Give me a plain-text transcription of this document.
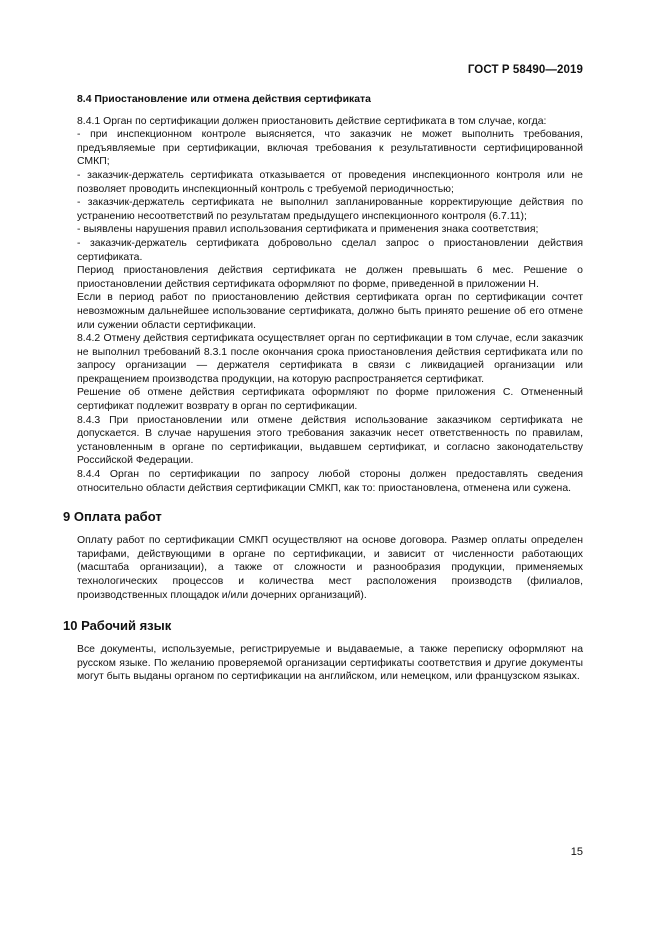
ГОСТ Р 58490—2019

8.4 Приостановление или отмена действия сертификата

8.4.1 Орган по сертификации должен приостановить действие сертификата в том случае, когда:

- при инспекционном контроле выясняется, что заказчик не может выполнить требования, предъявляемые при сертификации, включая требования к результативности сертифицированной СМКП;

- заказчик-держатель сертификата отказывается от проведения инспекционного контроля или не позволяет проводить инспекционный контроль с требуемой периодичностью;

- заказчик-держатель сертификата не выполнил запланированные корректирующие действия по устранению несоответствий по результатам предыдущего инспекционного контроля (6.7.11);

- выявлены нарушения правил использования сертификата и применения знака соответствия;

- заказчик-держатель сертификата добровольно сделал запрос о приостановлении действия сертификата.

Период приостановления действия сертификата не должен превышать 6 мес. Решение о приостановлении действия сертификата оформляют по форме, приведенной в приложении Н.

Если в период работ по приостановлению действия сертификата орган по сертификации сочтет невозможным дальнейшее использование сертификата, должно быть принято решение об его отмене или сужении области сертификации.

8.4.2 Отмену действия сертификата осуществляет орган по сертификации в том случае, если заказчик не выполнил требований 8.3.1 после окончания срока приостановления действия сертификата или по запросу организации — держателя сертификата в связи с ликвидацией организации или прекращением производства продукции, на которую распространяется сертификат.

Решение об отмене действия сертификата оформляют по форме приложения С. Отмененный сертификат подлежит возврату в орган по сертификации.

8.4.3 При приостановлении или отмене действия использование заказчиком сертификата не допускается. В случае нарушения этого требования заказчик несет ответственность по правилам, установленным в органе по сертификации, выдавшем сертификат, и согласно законодательству Российской Федерации.

8.4.4 Орган по сертификации по запросу любой стороны должен предоставлять сведения относительно области действия сертификации СМКП, как то: приостановлена, отменена или сужена.

9 Оплата работ

Оплату работ по сертификации СМКП осуществляют на основе договора. Размер оплаты определен тарифами, действующими в органе по сертификации, и зависит от численности работающих (масштаба организации), а также от сложности и разнообразия продукции, применяемых технологических процессов и количества мест расположения производств (филиалов, производственных площадок и/или дочерних организаций).

10 Рабочий язык

Все документы, используемые, регистрируемые и выдаваемые, а также переписку оформляют на русском языке. По желанию проверяемой организации сертификаты соответствия и другие документы могут быть выданы органом по сертификации на английском, или немецком, или французском языках.

15
